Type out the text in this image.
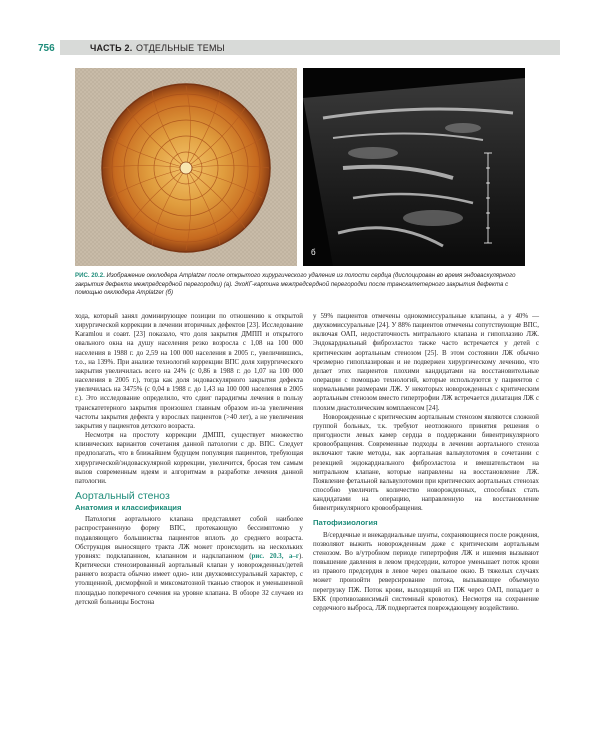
756	ЧАСТЬ 2. ОТДЕЛЬНЫЕ ТЕМЫ
б
РИС. 20.2. Изображение окклюдера Amplatzer после открытого хирургического удаления из полости сердца (дислоцирован во время эндоваскулярного закрытия дефекта межпредсердной перегородки) (а). ЭхоКГ-картина межпредсердной перегородки после транскатетерного закрытия дефекта с помощью окклюдера Amplatzer (б)

хода, который занял доминирующее позиции по отношению к открытой хирургической коррекции в лечении вторичных дефектов [23]. Исследование Karamlou и соавт. [23] показало, что доля закрытия ДМПП и открытого овального окна на душу населения резко возросла с 1,08 на 100 000 населения в 1988 г. до 2,59 на 100 000 населения в 2005 г., увеличившись, т.о., на 139%. При анализе технологий коррекции ВПС доля хирургического закрытия увеличилась всего на 24% (с 0,86 в 1988 г. до 1,07 на 100 000 населения в 2005 г.), тогда как доля эндоваскулярного закрытия дефекта увеличилась на 3475% (с 0,04 в 1988 г. до 1,43 на 100 000 населения в 2005 г.). Это исследование определило, что сдвиг парадигмы лечения в пользу транскатетерного закрытия произошел главным образом из-за увеличения частоты закрытия дефекта у взрослых пациентов (>40 лет), а не увеличения закрытия у пациентов детского возраста.

Несмотря на простоту коррекции ДМПП, существует множество клинических вариантов сочетания данной патологии с др. ВПС. Следует предполагать, что в ближайшем будущем популяция пациентов, требующая хирургической/эндоваскулярной коррекции, увеличится, бросая тем самым вызов современным идеям и алгоритмам в разработке лечения данной патологии.

Аортальный стеноз
Анатомия и классификация

Патология аортального клапана представляет собой наиболее распространенную форму ВПС, протекающую бессимптомно у подавляющего большинства пациентов вплоть до среднего возраста. Обструкция выносящего тракта ЛЖ может происходить на нескольких уровнях: подклапанном, клапанном и надклапанном (рис. 20.3, а–г). Критически стенозированный аортальный клапан у новорожденных/детей раннего возраста обычно имеет одно- или двухкомиссуральный характер, с утолщенной, дисморфной и миксоматозной тканью створок и уменьшенной площадью поперечного сечения на уровне клапана. В обзоре 32 случаев из детской больницы Бостона

у 59% пациентов отмечены однокомиссуральные клапаны, а у 40% — двухкомиссуральные [24]. У 88% пациентов отмечены сопутствующие ВПС, включая ОАП, недостаточность митрального клапана и гипоплазию ЛЖ. Эндокардиальный фиброэластоз также часто встречается у детей с критическим аортальным стенозом [25]. В этом состоянии ЛЖ обычно чрезмерно гипоплазирован и не подвержен хирургическому лечению, что делает этих пациентов плохими кандидатами на восстановительные операции с помощью технологий, которые используются у пациентов с нормальными размерами ЛЖ. У некоторых новорожденных с критическим аортальным стенозом вместо гипертрофии ЛЖ встречается дилатация ЛЖ с плохим диастолическим комплаенсом [24].

Новорожденные с критическим аортальным стенозом являются сложной группой больных, т.к. требуют неотложного принятия решения о пригодности левых камер сердца в поддержании бивентрикулярного кровообращения. Современные подходы в лечении аортального стеноза включают такие методы, как аортальная вальвулотомия в сочетании с резекцией эндокардиального фиброэластоза и вмешательством на митральном клапане, которые направлены на восстановление ЛЖ. Появление фетальной вальвулотомии при критических аортальных стенозах способно увеличить количество новорожденных, способных стать кандидатами на операцию, направленную на восстановление бивентрикулярного кровообращения.

Патофизиология

В/сердечные и внекардиальные шунты, сохраняющиеся после рождения, позволяют выжить новорожденным даже с критическим аортальным стенозом. Во в/утробном периоде гипертрофия ЛЖ и ишемия вызывают повышение давления в левом предсердии, которое уменьшает поток крови из правого предсердия в левое через овальное окно. В тяжелых случаях может произойти реверсирование потока, вызывающее объемную перегрузку ПЖ. Поток крови, выходящий из ПЖ через ОАП, попадает в БКК (противозависимый системный кровоток). Несмотря на сохранение сердечного выброса, ЛЖ подвергается повреждающему воздействию.
